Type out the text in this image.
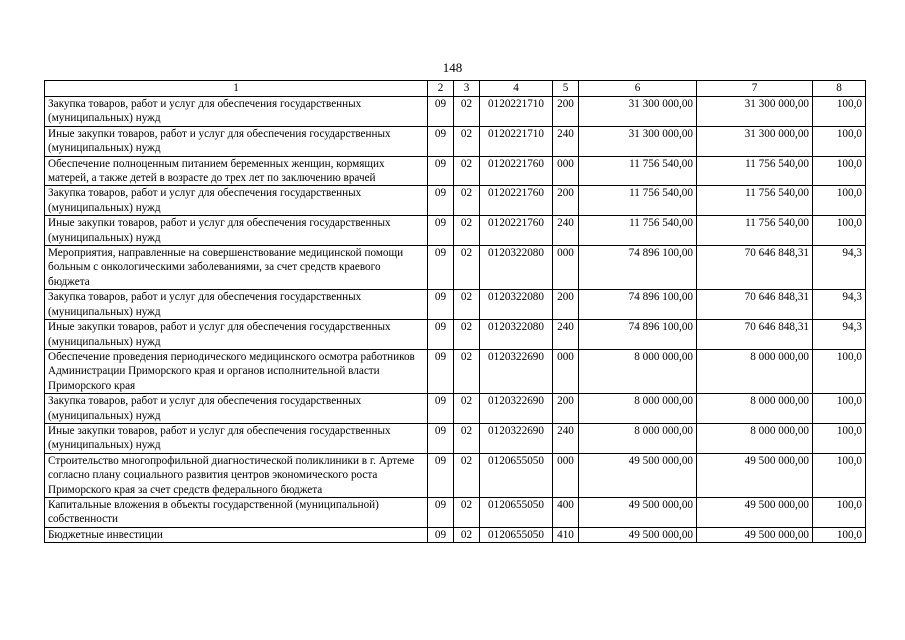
148
1	2	3	4	5	6	7	8
Закупка товаров, работ и услуг для обеспечения государственных (муниципальных) нужд	09	02	0120221710	200	31 300 000,00	31 300 000,00	100,0
Иные закупки товаров, работ и услуг для обеспечения государственных (муниципальных) нужд	09	02	0120221710	240	31 300 000,00	31 300 000,00	100,0
Обеспечение полноценным питанием беременных женщин, кормящих матерей, а также детей в возрасте до трех лет по заключению врачей	09	02	0120221760	000	11 756 540,00	11 756 540,00	100,0
Закупка товаров, работ и услуг для обеспечения государственных (муниципальных) нужд	09	02	0120221760	200	11 756 540,00	11 756 540,00	100,0
Иные закупки товаров, работ и услуг для обеспечения государственных (муниципальных) нужд	09	02	0120221760	240	11 756 540,00	11 756 540,00	100,0
Мероприятия, направленные на совершенствование медицинской помощи больным с онкологическими заболеваниями, за счет средств краевого бюджета	09	02	0120322080	000	74 896 100,00	70 646 848,31	94,3
Закупка товаров, работ и услуг для обеспечения государственных (муниципальных) нужд	09	02	0120322080	200	74 896 100,00	70 646 848,31	94,3
Иные закупки товаров, работ и услуг для обеспечения государственных (муниципальных) нужд	09	02	0120322080	240	74 896 100,00	70 646 848,31	94,3
Обеспечение проведения периодического медицинского осмотра работников Администрации Приморского края и органов исполнительной власти Приморского края	09	02	0120322690	000	8 000 000,00	8 000 000,00	100,0
Закупка товаров, работ и услуг для обеспечения государственных (муниципальных) нужд	09	02	0120322690	200	8 000 000,00	8 000 000,00	100,0
Иные закупки товаров, работ и услуг для обеспечения государственных (муниципальных) нужд	09	02	0120322690	240	8 000 000,00	8 000 000,00	100,0
Строительство многопрофильной диагностической поликлиники в г. Артеме согласно плану социального развития центров экономического роста Приморского края за счет средств федерального бюджета	09	02	0120655050	000	49 500 000,00	49 500 000,00	100,0
Капитальные вложения в объекты государственной (муниципальной) собственности	09	02	0120655050	400	49 500 000,00	49 500 000,00	100,0
Бюджетные инвестиции	09	02	0120655050	410	49 500 000,00	49 500 000,00	100,0
